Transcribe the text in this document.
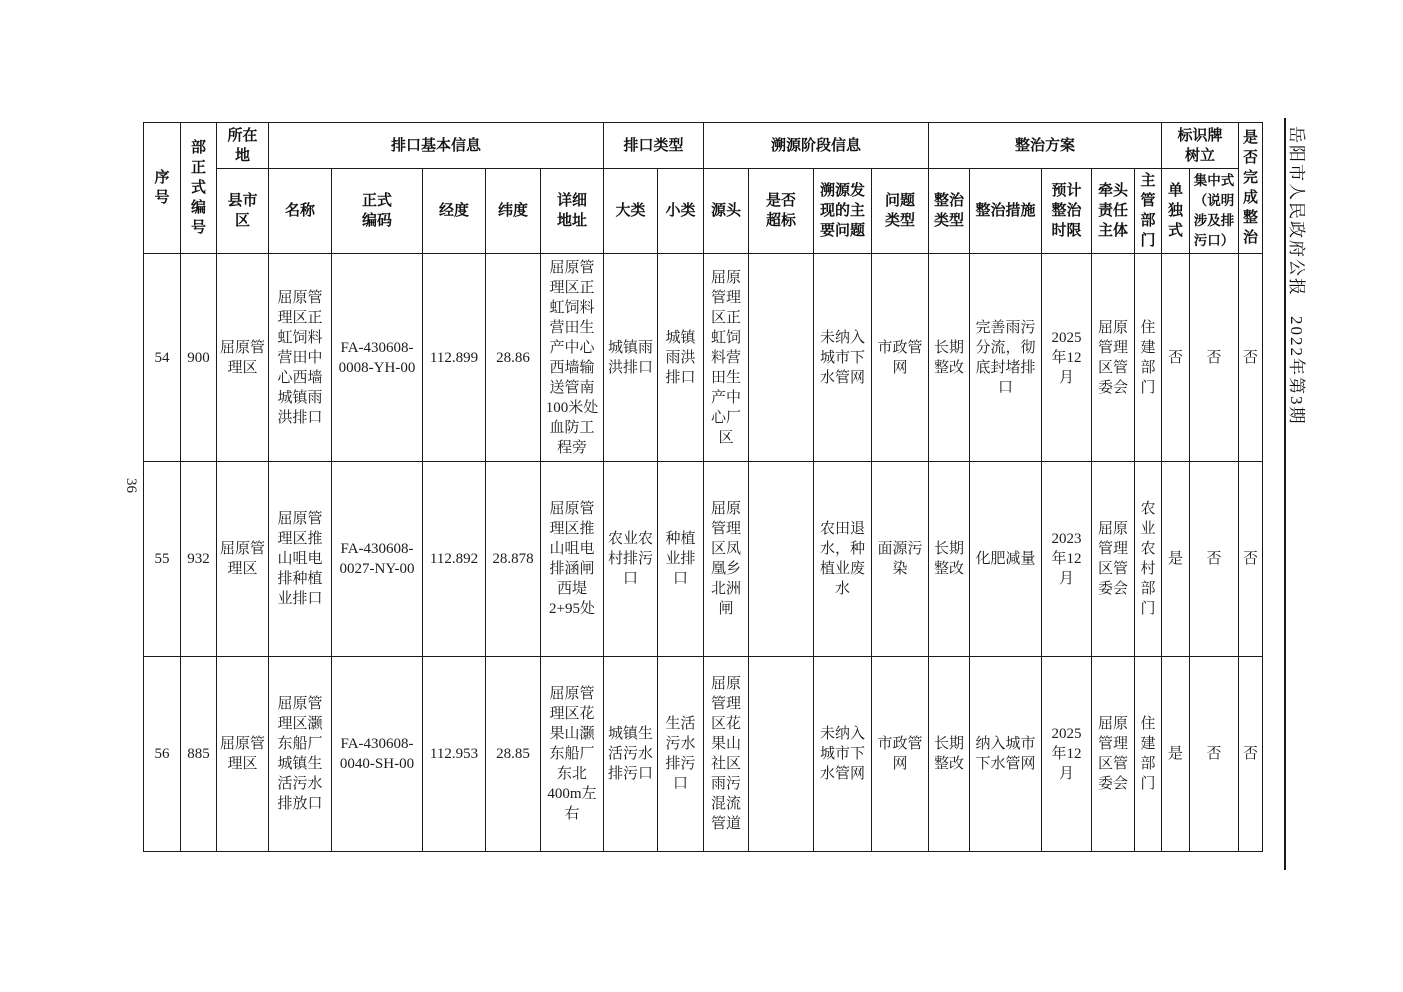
岳阳市人民政府公报　2022年第3期
36
序号	部正式编号	所在地	排口基本信息					排口类型		溯源阶段信息				整治方案					标识牌树立		是否完成整治
		县市区	名称	正式编码	经度	纬度	详细地址	大类	小类	源头	是否超标	溯源发现的主要问题	问题类型	整治类型	整治措施	预计整治时限	牵头责任主体	主管部门	单独式	集中式（说明涉及排污口）	
54	900	屈原管理区	屈原管理区正虹饲料营田中心西墙城镇雨洪排口	FA-430608-0008-YH-00	112.899	28.86	屈原管理区正虹饲料营田生产中心西墙输送管南100米处血防工程旁	城镇雨洪排口	城镇雨洪排口	屈原管理区正虹饲料营田生产中心厂区		未纳入城市下水管网	市政管网	长期整改	完善雨污分流，彻底封堵排口	2025年12月	屈原管理区管委会	住建部门	否	否	否
55	932	屈原管理区	屈原管理区推山咀电排种植业排口	FA-430608-0027-NY-00	112.892	28.878	屈原管理区推山咀电排涵闸西堤2+95处	农业农村排污口	种植业排口	屈原管理区凤凰乡北洲闸		农田退水，种植业废水	面源污染	长期整改	化肥减量	2023年12月	屈原管理区管委会	农业农村部门	是	否	否
56	885	屈原管理区	屈原管理区灏东船厂城镇生活污水排放口	FA-430608-0040-SH-00	112.953	28.85	屈原管理区花果山灏东船厂东北400m左右	城镇生活污水排污口	生活污水排污口	屈原管理区花果山社区雨污混流管道		未纳入城市下水管网	市政管网	长期整改	纳入城市下水管网	2025年12月	屈原管理区管委会	住建部门	是	否	否
